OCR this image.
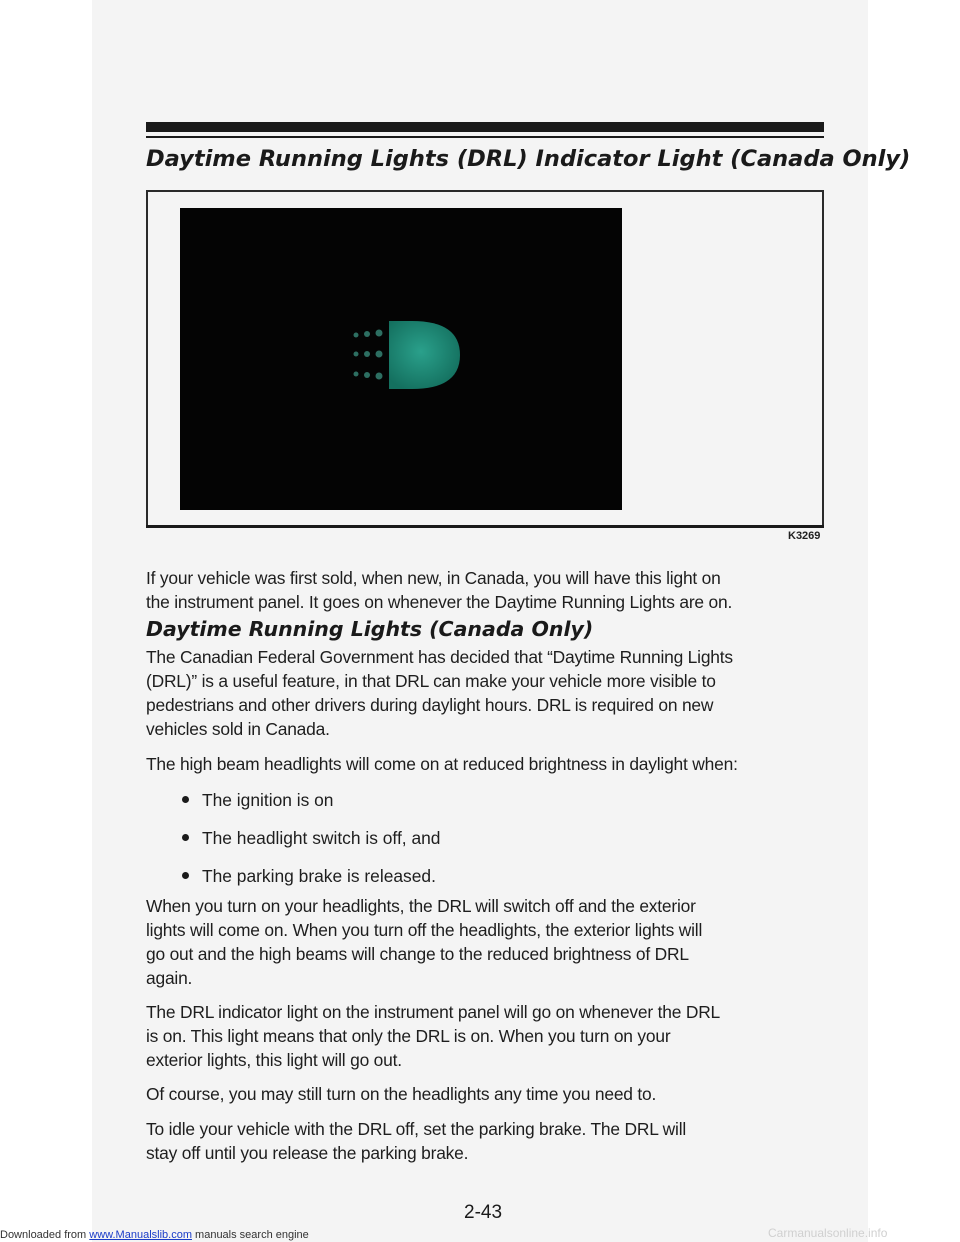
Daytime Running Lights (DRL) Indicator Light (Canada Only)
K3269

If your vehicle was first sold, when new, in Canada, you will have this light on

the instrument panel. It goes on whenever the Daytime Running Lights are on.

Daytime Running Lights (Canada Only)

The Canadian Federal Government has decided that “Daytime Running Lights

(DRL)” is a useful feature, in that DRL can make your vehicle more visible to

pedestrians and other drivers during daylight hours. DRL is required on new

vehicles sold in Canada.

The high beam headlights will come on at reduced brightness in daylight when:

The ignition is on
The headlight switch is off, and
The parking brake is released.

When you turn on your headlights, the DRL will switch off and the exterior

lights will come on. When you turn off the headlights, the exterior lights will

go out and the high beams will change to the reduced brightness of DRL

again.

The DRL indicator light on the instrument panel will go on whenever the DRL

is on. This light means that only the DRL is on. When you turn on your

exterior lights, this light will go out.

Of course, you may still turn on the headlights any time you need to.

To idle your vehicle with the DRL off, set the parking brake. The DRL will

stay off until you release the parking brake.

2-43
Downloaded from www.Manualslib.com manuals search engine	Carmanualsonline.info
